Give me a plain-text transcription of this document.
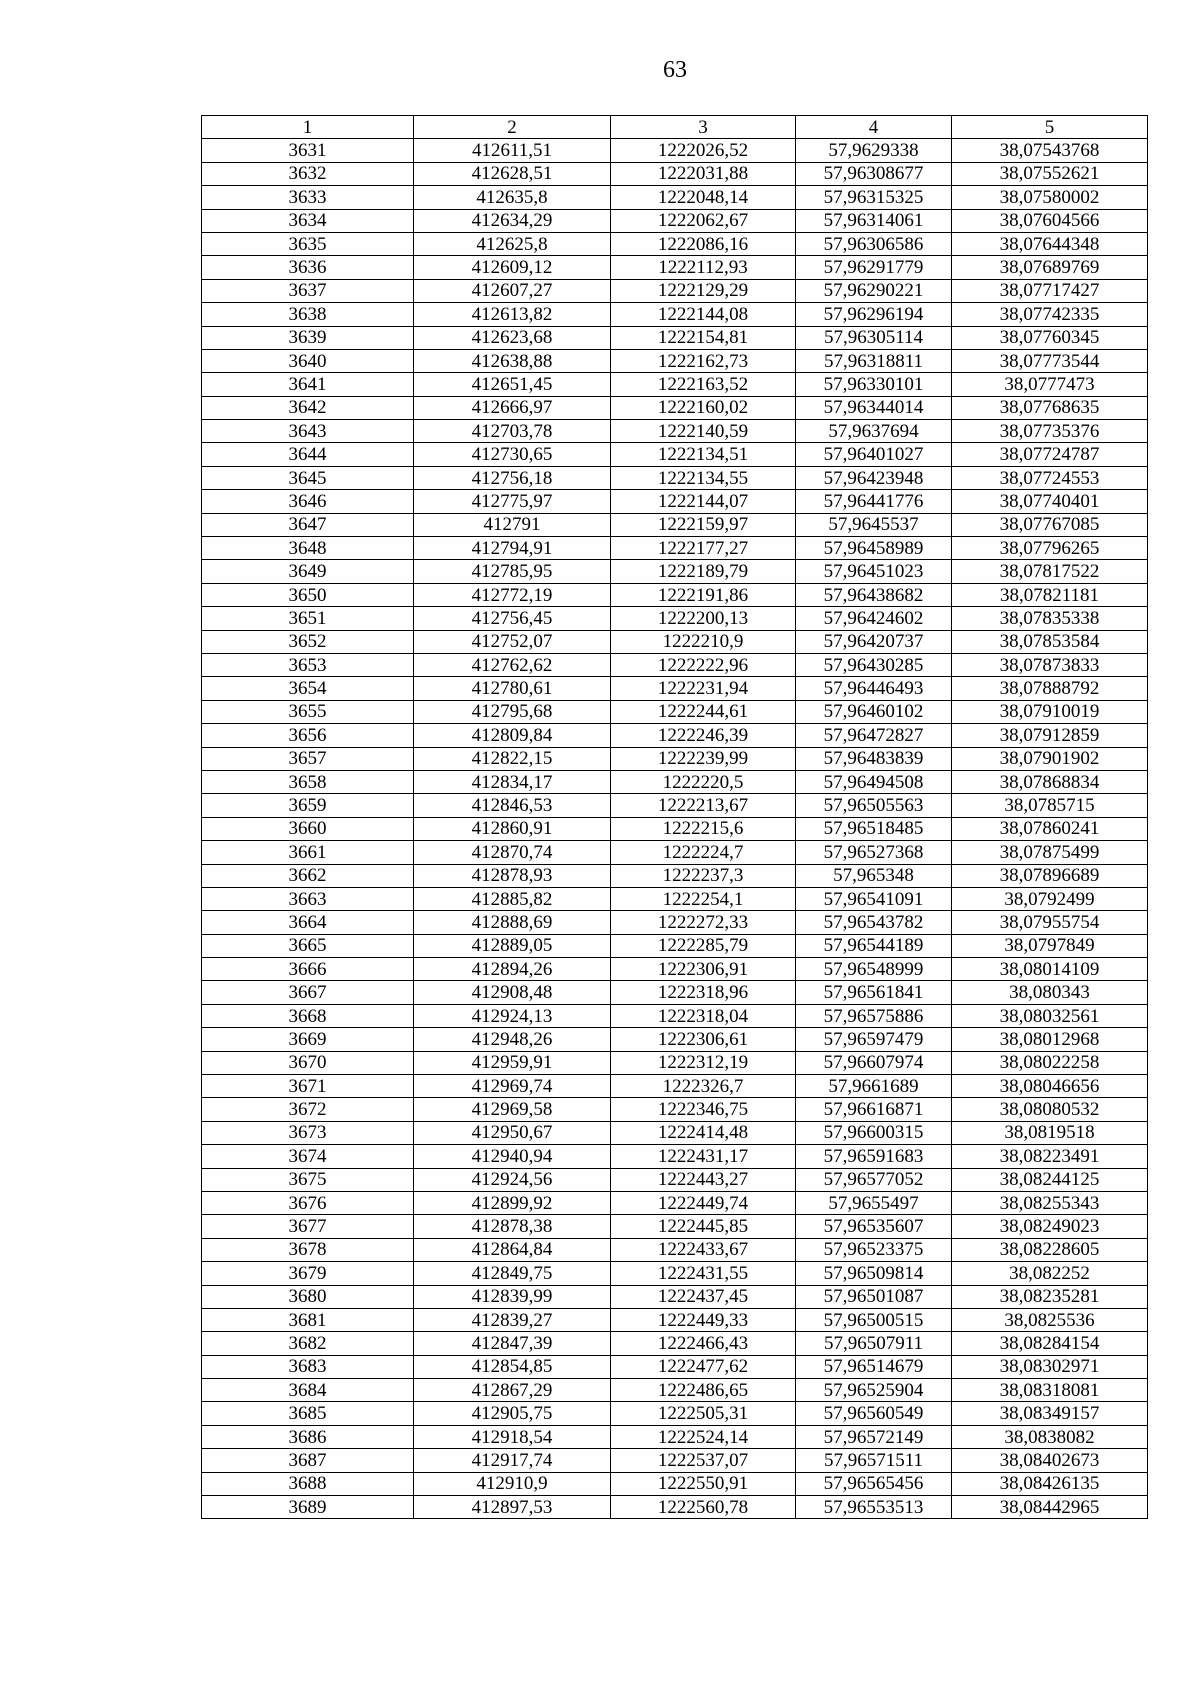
63
1	2	3	4	5
3631	412611,51	1222026,52	57,9629338	38,07543768
3632	412628,51	1222031,88	57,96308677	38,07552621
3633	412635,8	1222048,14	57,96315325	38,07580002
3634	412634,29	1222062,67	57,96314061	38,07604566
3635	412625,8	1222086,16	57,96306586	38,07644348
3636	412609,12	1222112,93	57,96291779	38,07689769
3637	412607,27	1222129,29	57,96290221	38,07717427
3638	412613,82	1222144,08	57,96296194	38,07742335
3639	412623,68	1222154,81	57,96305114	38,07760345
3640	412638,88	1222162,73	57,96318811	38,07773544
3641	412651,45	1222163,52	57,96330101	38,0777473
3642	412666,97	1222160,02	57,96344014	38,07768635
3643	412703,78	1222140,59	57,9637694	38,07735376
3644	412730,65	1222134,51	57,96401027	38,07724787
3645	412756,18	1222134,55	57,96423948	38,07724553
3646	412775,97	1222144,07	57,96441776	38,07740401
3647	412791	1222159,97	57,9645537	38,07767085
3648	412794,91	1222177,27	57,96458989	38,07796265
3649	412785,95	1222189,79	57,96451023	38,07817522
3650	412772,19	1222191,86	57,96438682	38,07821181
3651	412756,45	1222200,13	57,96424602	38,07835338
3652	412752,07	1222210,9	57,96420737	38,07853584
3653	412762,62	1222222,96	57,96430285	38,07873833
3654	412780,61	1222231,94	57,96446493	38,07888792
3655	412795,68	1222244,61	57,96460102	38,07910019
3656	412809,84	1222246,39	57,96472827	38,07912859
3657	412822,15	1222239,99	57,96483839	38,07901902
3658	412834,17	1222220,5	57,96494508	38,07868834
3659	412846,53	1222213,67	57,96505563	38,0785715
3660	412860,91	1222215,6	57,96518485	38,07860241
3661	412870,74	1222224,7	57,96527368	38,07875499
3662	412878,93	1222237,3	57,965348	38,07896689
3663	412885,82	1222254,1	57,96541091	38,0792499
3664	412888,69	1222272,33	57,96543782	38,07955754
3665	412889,05	1222285,79	57,96544189	38,0797849
3666	412894,26	1222306,91	57,96548999	38,08014109
3667	412908,48	1222318,96	57,96561841	38,080343
3668	412924,13	1222318,04	57,96575886	38,08032561
3669	412948,26	1222306,61	57,96597479	38,08012968
3670	412959,91	1222312,19	57,96607974	38,08022258
3671	412969,74	1222326,7	57,9661689	38,08046656
3672	412969,58	1222346,75	57,96616871	38,08080532
3673	412950,67	1222414,48	57,96600315	38,0819518
3674	412940,94	1222431,17	57,96591683	38,08223491
3675	412924,56	1222443,27	57,96577052	38,08244125
3676	412899,92	1222449,74	57,9655497	38,08255343
3677	412878,38	1222445,85	57,96535607	38,08249023
3678	412864,84	1222433,67	57,96523375	38,08228605
3679	412849,75	1222431,55	57,96509814	38,082252
3680	412839,99	1222437,45	57,96501087	38,08235281
3681	412839,27	1222449,33	57,96500515	38,0825536
3682	412847,39	1222466,43	57,96507911	38,08284154
3683	412854,85	1222477,62	57,96514679	38,08302971
3684	412867,29	1222486,65	57,96525904	38,08318081
3685	412905,75	1222505,31	57,96560549	38,08349157
3686	412918,54	1222524,14	57,96572149	38,0838082
3687	412917,74	1222537,07	57,96571511	38,08402673
3688	412910,9	1222550,91	57,96565456	38,08426135
3689	412897,53	1222560,78	57,96553513	38,08442965
